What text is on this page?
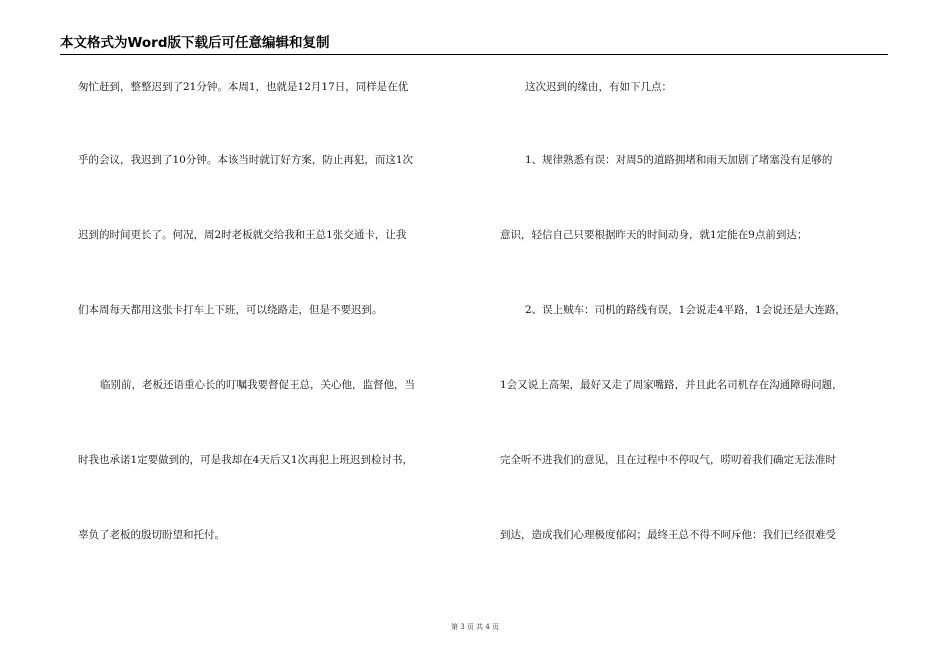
本文格式为Word版下载后可任意编辑和复制
匆忙赶到，整整迟到了21分钟。本周1，也就是12月17日，同样是在优
乎的会议，我迟到了10分钟。本该当时就订好方案，防止再犯，而这1次
迟到的时间更长了。何况，周2时老板就交给我和王总1张交通卡，让我
们本周每天都用这张卡打车上下班，可以绕路走，但是不要迟到。
临别前，老板还语重心长的叮嘱我要督促王总，关心他，监督他，当
时我也承诺1定要做到的，可是我却在4天后又1次再犯上班迟到检讨书，
辜负了老板的殷切盼望和托付。
这次迟到的缘由，有如下几点：
1、规律熟悉有误：对周5的道路拥堵和雨天加剧了堵塞没有足够的
意识，轻信自己只要根据昨天的时间动身，就1定能在9点前到达；
2、误上贼车：司机的路线有误，1会说走4平路，1会说还是大连路，
1会又说上高架，最好又走了周家嘴路，并且此名司机存在沟通障碍问题，
完全听不进我们的意见，且在过程中不停叹气，唠叨着我们确定无法准时
到达，造成我们心理极度郁闷；最终王总不得不呵斥他：我们已经很难受
第 3 页 共 4 页
